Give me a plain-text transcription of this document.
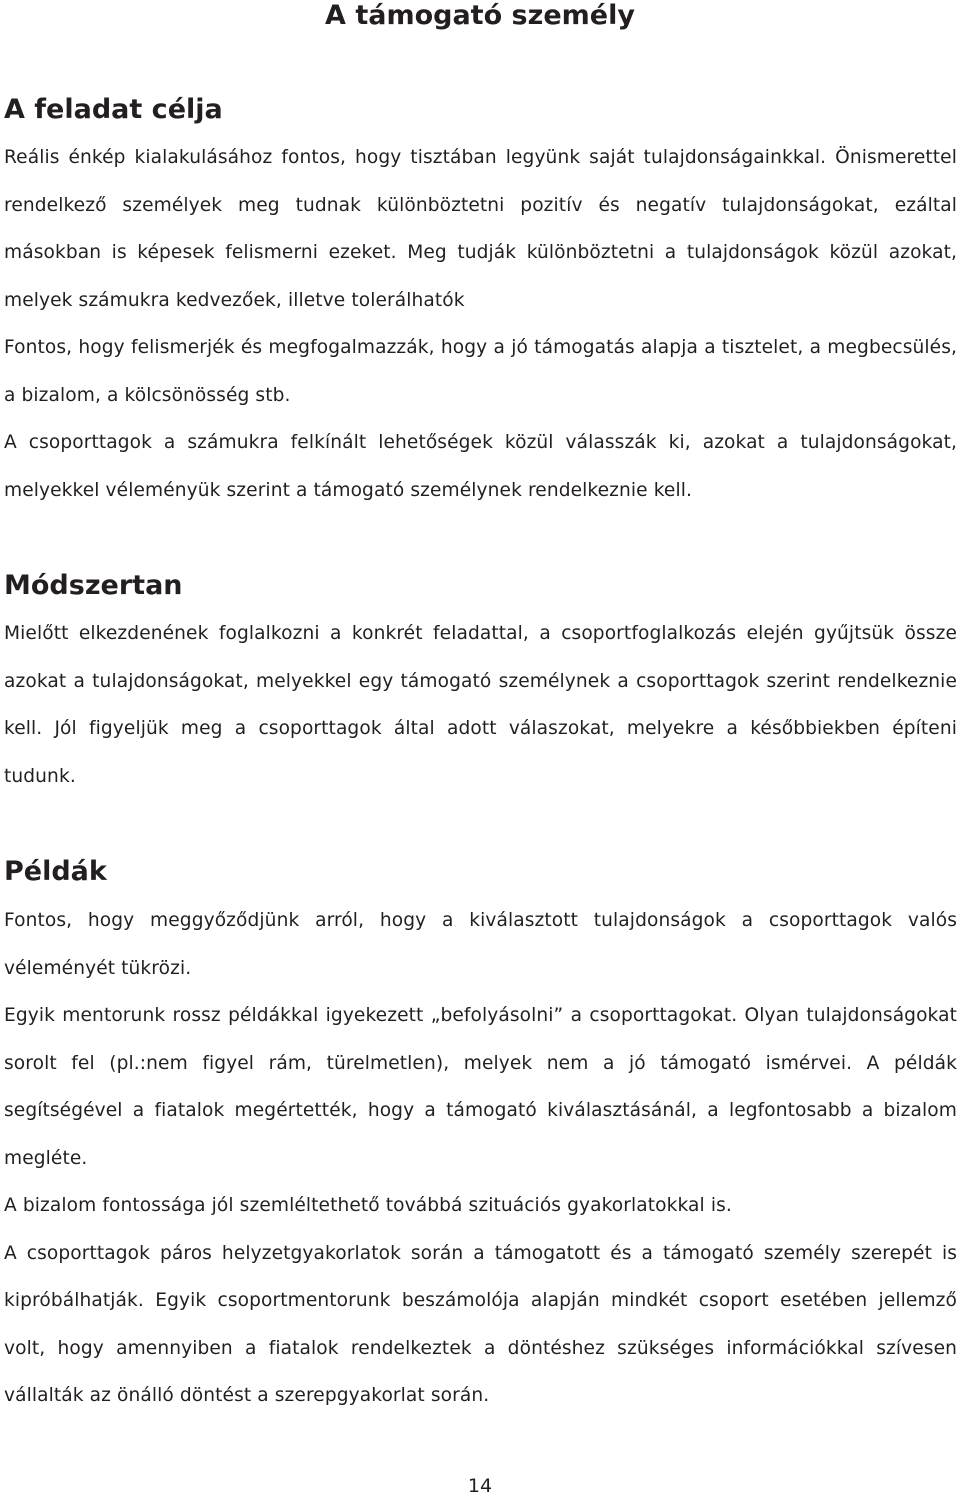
A támogató személy
A feladat célja
Reális énkép kialakulásához fontos, hogy tisztában legyünk saját tulajdonságainkkal. Önismerettel rendelkező személyek meg tudnak különböztetni pozitív és negatív tulajdonságokat, ezáltal másokban is képesek felismerni ezeket. Meg tudják különböztetni a tulajdonságok közül azokat, melyek számukra kedvezőek, illetve tolerálhatók
Fontos, hogy felismerjék és megfogalmazzák, hogy a jó támogatás alapja a tisztelet, a megbecsülés, a bizalom, a kölcsönösség stb.
A csoporttagok a számukra felkínált lehetőségek közül válasszák ki, azokat a tulajdonságokat, melyekkel véleményük szerint a támogató személynek rendelkeznie kell.
Módszertan
Mielőtt elkezdenének foglalkozni a konkrét feladattal, a csoportfoglalkozás elején gyűjtsük össze azokat a tulajdonságokat, melyekkel egy támogató személynek a csoporttagok szerint rendelkeznie kell. Jól figyeljük meg a csoporttagok által adott válaszokat, melyekre a későbbiekben építeni tudunk.
Példák
Fontos, hogy meggyőződjünk arról, hogy a kiválasztott tulajdonságok a csoporttagok valós véleményét tükrözi.
Egyik mentorunk rossz példákkal igyekezett „befolyásolni” a csoporttagokat. Olyan tulajdonságokat sorolt fel (pl.:nem figyel rám, türelmetlen), melyek nem a jó támogató ismérvei. A példák segítségével a fiatalok megértették, hogy a támogató kiválasztásánál, a legfontosabb a bizalom megléte.
A bizalom fontossága jól szemléltethető továbbá szituációs gyakorlatokkal is.
A csoporttagok páros helyzetgyakorlatok során a támogatott és a támogató személy szerepét is kipróbálhatják. Egyik csoportmentorunk beszámolója alapján mindkét csoport esetében jellemző volt, hogy amennyiben a fiatalok rendelkeztek a döntéshez szükséges információkkal szívesen vállalták az önálló döntést a szerepgyakorlat során.
14
